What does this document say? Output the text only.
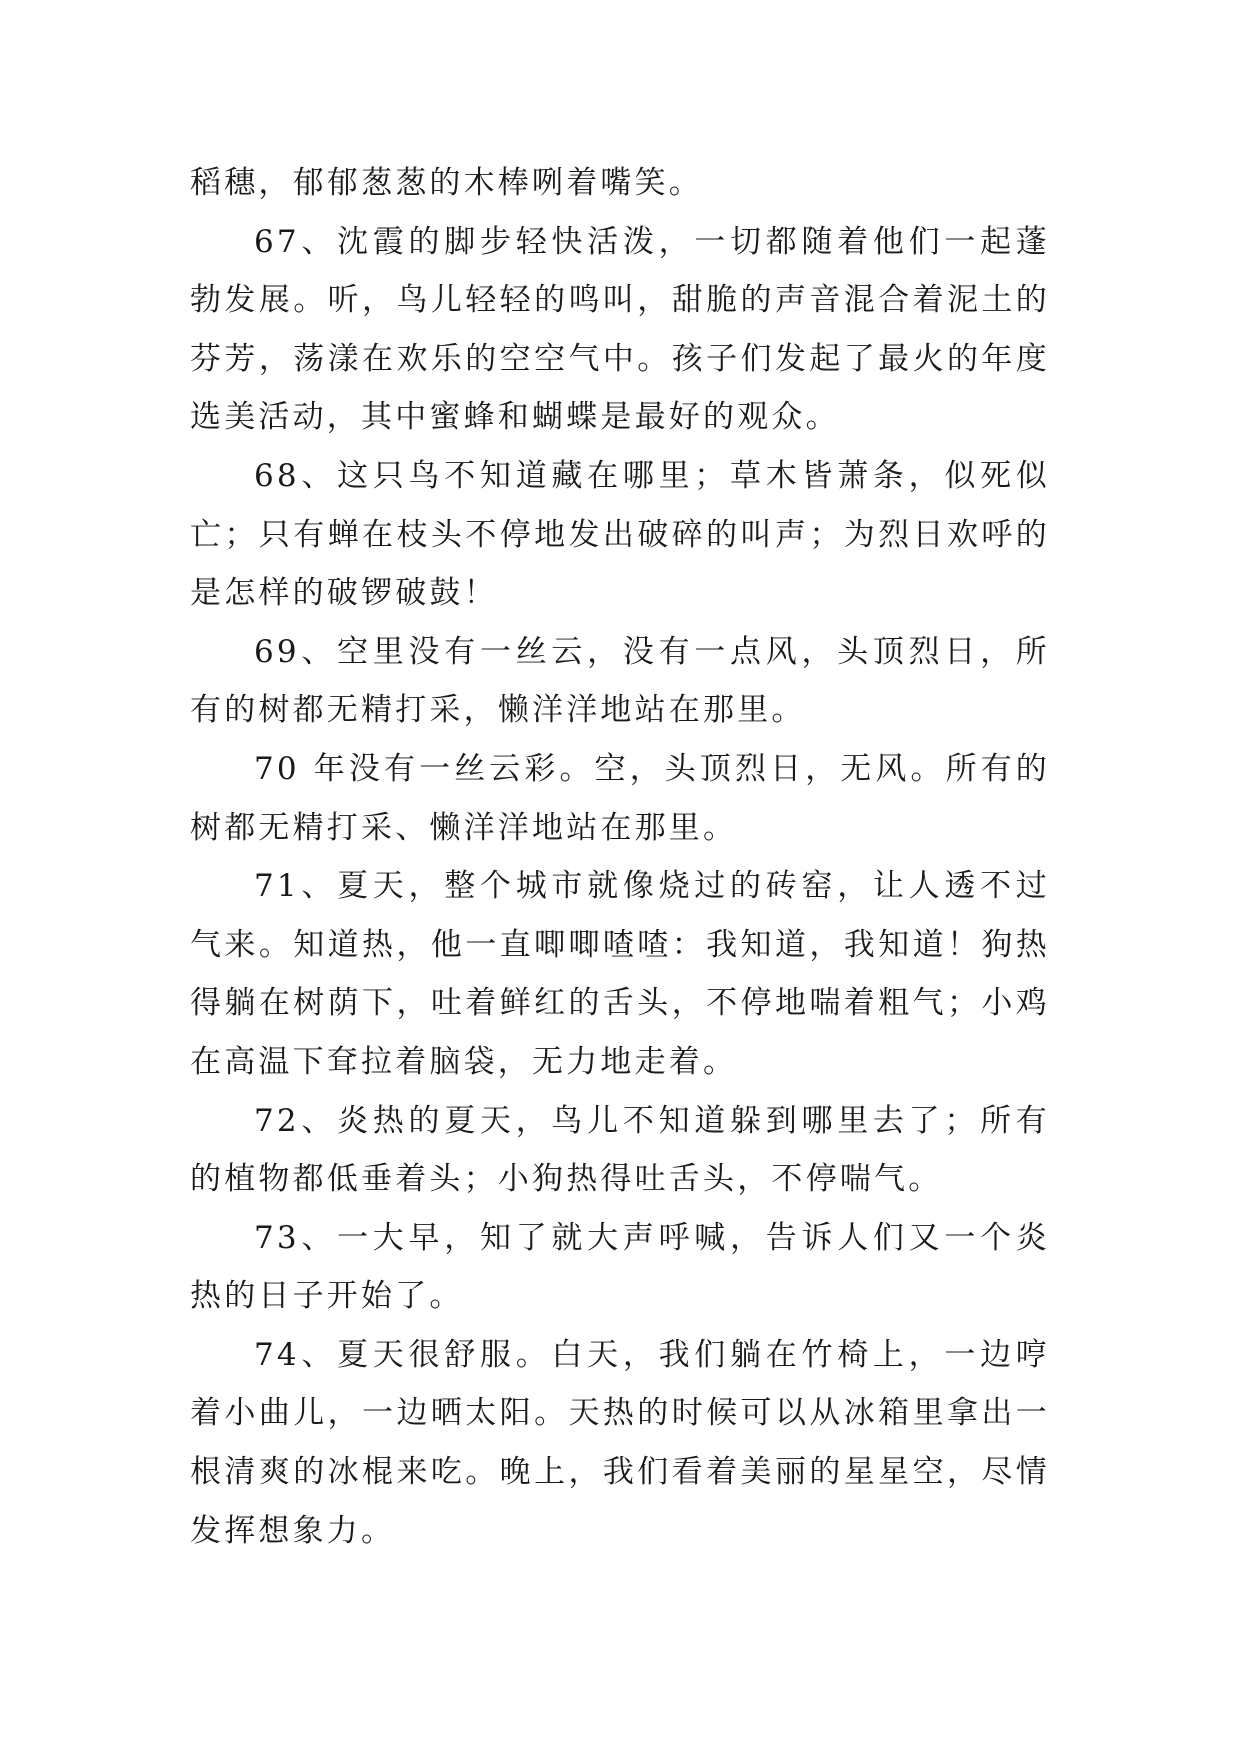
稻穗，郁郁葱葱的木棒咧着嘴笑。

67、沈霞的脚步轻快活泼，一切都随着他们一起蓬勃发展。听，鸟儿轻轻的鸣叫，甜脆的声音混合着泥土的芬芳，荡漾在欢乐的空空气中。孩子们发起了最火的年度选美活动，其中蜜蜂和蝴蝶是最好的观众。

68、这只鸟不知道藏在哪里；草木皆萧条，似死似亡；只有蝉在枝头不停地发出破碎的叫声；为烈日欢呼的是怎样的破锣破鼓！

69、空里没有一丝云，没有一点风，头顶烈日，所有的树都无精打采，懒洋洋地站在那里。

70 年没有一丝云彩。空，头顶烈日，无风。所有的树都无精打采、懒洋洋地站在那里。

71、夏天，整个城市就像烧过的砖窑，让人透不过气来。知道热，他一直唧唧喳喳：我知道，我知道！狗热得躺在树荫下，吐着鲜红的舌头，不停地喘着粗气；小鸡在高温下耷拉着脑袋，无力地走着。

72、炎热的夏天，鸟儿不知道躲到哪里去了；所有的植物都低垂着头；小狗热得吐舌头，不停喘气。

73、一大早，知了就大声呼喊，告诉人们又一个炎热的日子开始了。

74、夏天很舒服。白天，我们躺在竹椅上，一边哼着小曲儿，一边晒太阳。天热的时候可以从冰箱里拿出一根清爽的冰棍来吃。晚上，我们看着美丽的星星空，尽情发挥想象力。
